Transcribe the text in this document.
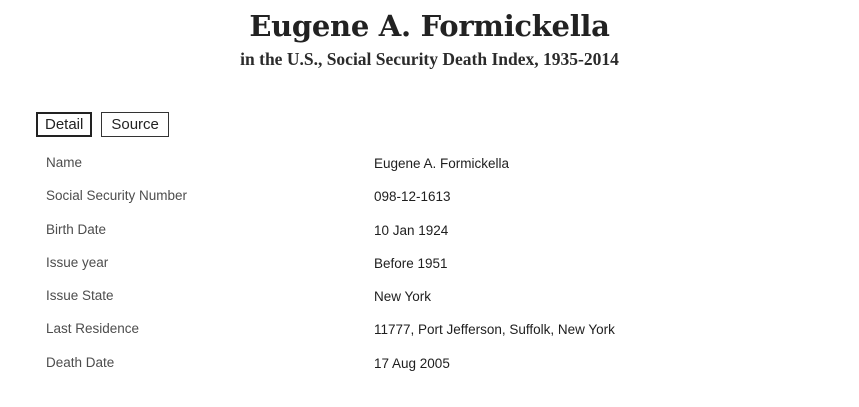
Eugene A. Formickella
in the U.S., Social Security Death Index, 1935-2014
Detail	Source
Name	Eugene A. Formickella
Social Security Number	098-12-1613
Birth Date	10 Jan 1924
Issue year	Before 1951
Issue State	New York
Last Residence	11777, Port Jefferson, Suffolk, New York
Death Date	17 Aug 2005
